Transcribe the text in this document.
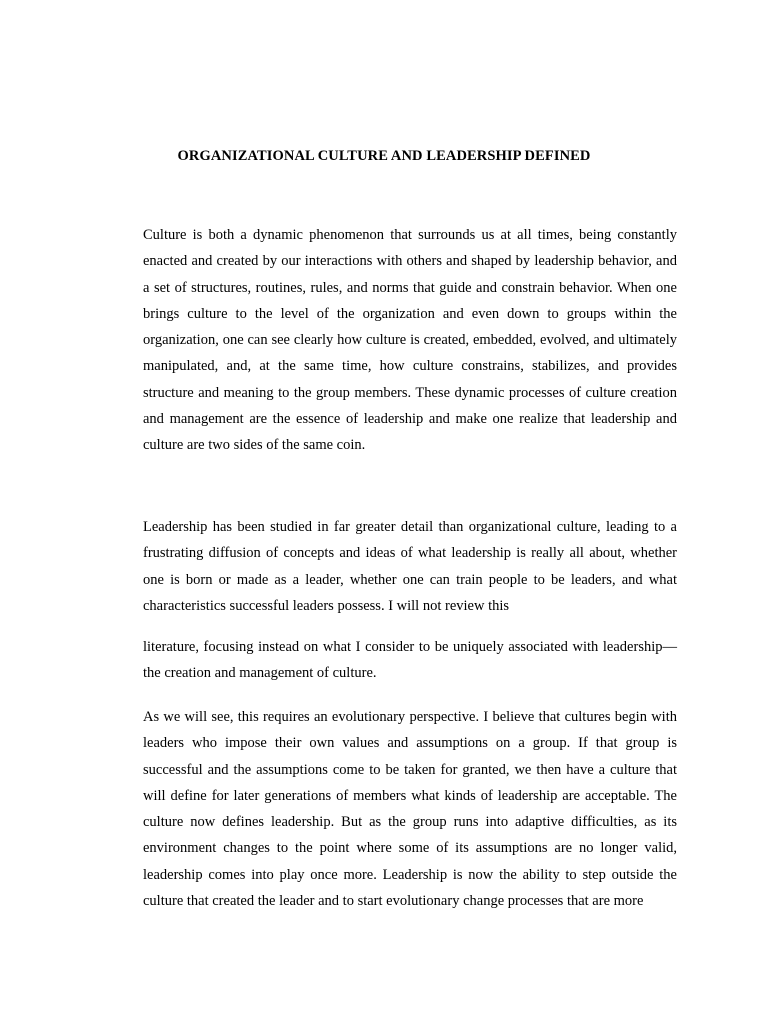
ORGANIZATIONAL CULTURE AND LEADERSHIP DEFINED

Culture is both a dynamic phenomenon that surrounds us at all times, being constantly enacted and created by our interactions with others and shaped by leadership behavior, and a set of structures, routines, rules, and norms that guide and constrain behavior. When one brings culture to the level of the organization and even down to groups within the organization, one can see clearly how culture is created, embedded, evolved, and ultimately manipulated, and, at the same time, how culture constrains, stabilizes, and provides structure and meaning to the group members. These dynamic processes of culture creation and management are the essence of leadership and make one realize that leadership and culture are two sides of the same coin.

Leadership has been studied in far greater detail than organizational culture, leading to a frustrating diffusion of concepts and ideas of what leadership is really all about, whether one is born or made as a leader, whether one can train people to be leaders, and what characteristics successful leaders possess. I will not review this

literature, focusing instead on what I consider to be uniquely associated with leadership—the creation and management of culture.

As we will see, this requires an evolutionary perspective. I believe that cultures begin with leaders who impose their own values and assumptions on a group. If that group is successful and the assumptions come to be taken for granted, we then have a culture that will define for later generations of members what kinds of leadership are acceptable. The culture now defines leadership. But as the group runs into adaptive difficulties, as its environment changes to the point where some of its assumptions are no longer valid, leadership comes into play once more. Leadership is now the ability to step outside the culture that created the leader and to start evolutionary change processes that are more
